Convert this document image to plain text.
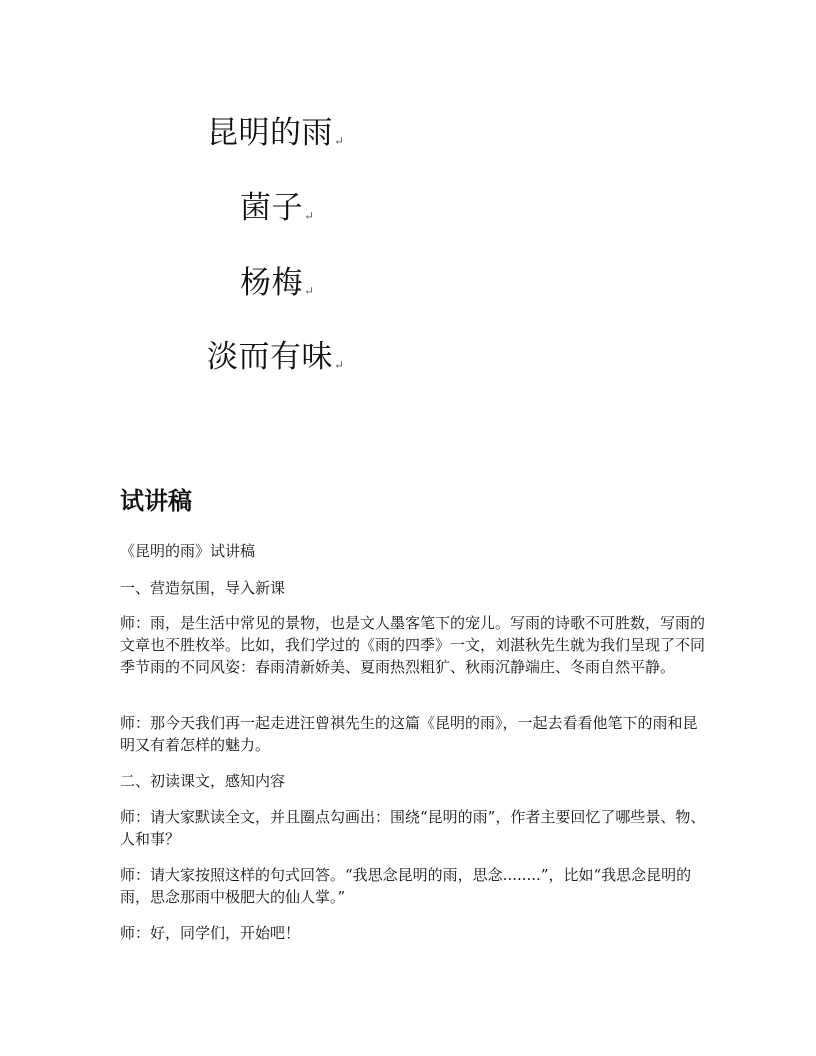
昆明的雨↵
菌子↵
杨梅↵
淡而有味↵
试讲稿

《昆明的雨》试讲稿

一、营造氛围，导入新课

师：雨，是生活中常见的景物，也是文人墨客笔下的宠儿。写雨的诗歌不可胜数，写雨的文章也不胜枚举。比如，我们学过的《雨的四季》一文，刘湛秋先生就为我们呈现了不同季节雨的不同风姿：春雨清新娇美、夏雨热烈粗犷、秋雨沉静端庄、冬雨自然平静。

师：那今天我们再一起走进汪曾祺先生的这篇《昆明的雨》，一起去看看他笔下的雨和昆明又有着怎样的魅力。

二、初读课文，感知内容

师：请大家默读全文，并且圈点勾画出：围绕“昆明的雨”，作者主要回忆了哪些景、物、人和事？

师：请大家按照这样的句式回答。“我思念昆明的雨，思念........”，比如“我思念昆明的雨，思念那雨中极肥大的仙人掌。”

师：好，同学们，开始吧！
